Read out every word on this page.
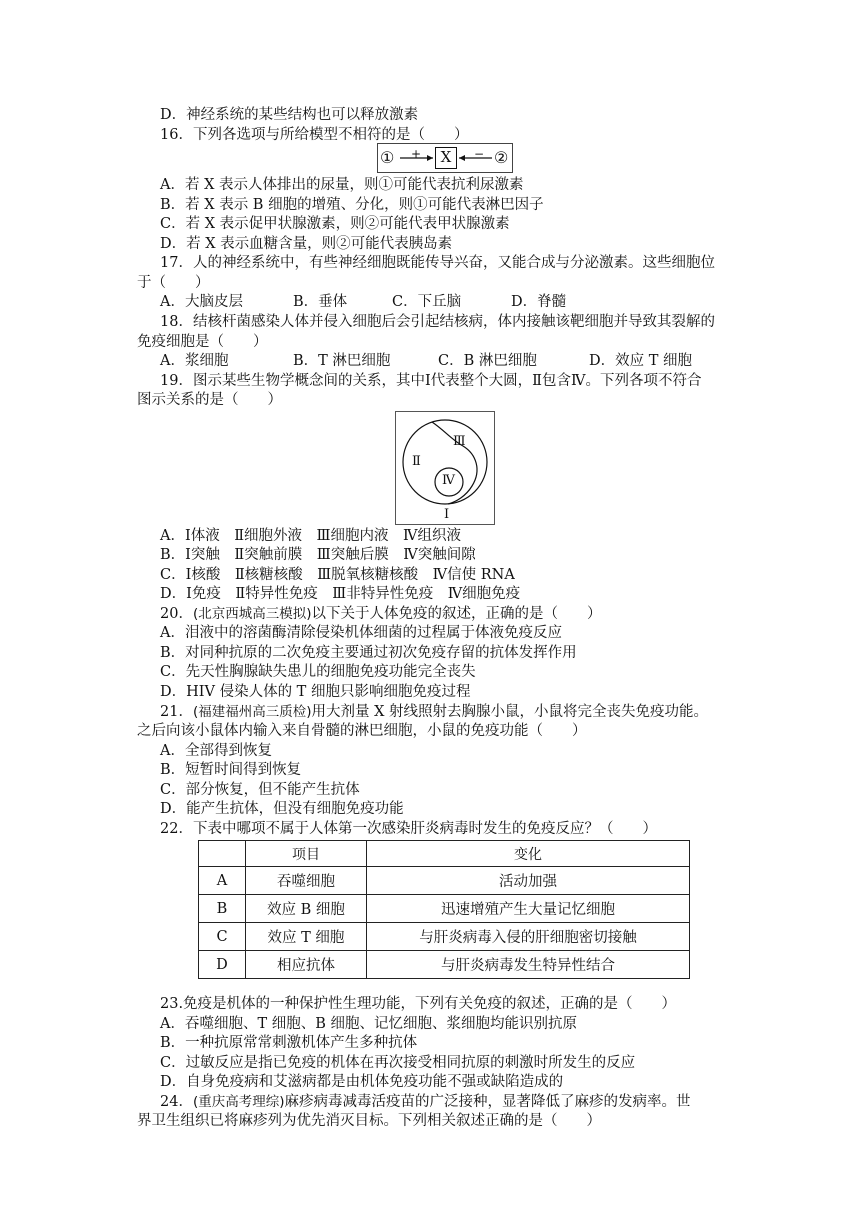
D．神经系统的某些结构也可以释放激素
16．下列各选项与所给模型不相符的是（　　）
① +	X	− ②
A．若 X 表示人体排出的尿量，则①可能代表抗利尿激素
B．若 X 表示 B 细胞的增殖、分化，则①可能代表淋巴因子
C．若 X 表示促甲状腺激素，则②可能代表甲状腺激素
D．若 X 表示血糖含量，则②可能代表胰岛素
17．人的神经系统中，有些神经细胞既能传导兴奋，又能合成与分泌激素。这些细胞位
于（　　）
A．大脑皮层	B．垂体	C．下丘脑	D．脊髓
18．结核杆菌感染人体并侵入细胞后会引起结核病，体内接触该靶细胞并导致其裂解的
免疫细胞是（　　）
A．浆细胞	B．T 淋巴细胞	C．B 淋巴细胞	D．效应 T 细胞
19．图示某些生物学概念间的关系，其中Ⅰ代表整个大圆，Ⅱ包含Ⅳ。下列各项不符合
图示关系的是（　　）
Ⅲ
Ⅱ
Ⅳ
Ⅰ
A．Ⅰ体液　Ⅱ细胞外液　Ⅲ细胞内液　Ⅳ组织液
B．Ⅰ突触　Ⅱ突触前膜　Ⅲ突触后膜　Ⅳ突触间隙
C．Ⅰ核酸　Ⅱ核糖核酸　Ⅲ脱氧核糖核酸　Ⅳ信使 RNA
D．Ⅰ免疫　Ⅱ特异性免疫　Ⅲ非特异性免疫　Ⅳ细胞免疫
20．(北京西城高三模拟)以下关于人体免疫的叙述，正确的是（　　）
A．泪液中的溶菌酶清除侵染机体细菌的过程属于体液免疫反应
B．对同种抗原的二次免疫主要通过初次免疫存留的抗体发挥作用
C．先天性胸腺缺失患儿的细胞免疫功能完全丧失
D．HIV 侵染人体的 T 细胞只影响细胞免疫过程
21．(福建福州高三质检)用大剂量 X 射线照射去胸腺小鼠，小鼠将完全丧失免疫功能。
之后向该小鼠体内输入来自骨髓的淋巴细胞，小鼠的免疫功能（　　）
A．全部得到恢复
B．短暂时间得到恢复
C．部分恢复，但不能产生抗体
D．能产生抗体，但没有细胞免疫功能
22．下表中哪项不属于人体第一次感染肝炎病毒时发生的免疫反应？（　　）
	项目	变化
A	吞噬细胞	活动加强
B	效应 B 细胞	迅速增殖产生大量记忆细胞
C	效应 T 细胞	与肝炎病毒入侵的肝细胞密切接触
D	相应抗体	与肝炎病毒发生特异性结合
23.免疫是机体的一种保护性生理功能，下列有关免疫的叙述，正确的是（　　）
A．吞噬细胞、T 细胞、B 细胞、记忆细胞、浆细胞均能识别抗原
B．一种抗原常常刺激机体产生多种抗体
C．过敏反应是指已免疫的机体在再次接受相同抗原的刺激时所发生的反应
D．自身免疫病和艾滋病都是由机体免疫功能不强或缺陷造成的
24．(重庆高考理综)麻疹病毒减毒活疫苗的广泛接种，显著降低了麻疹的发病率。世
界卫生组织已将麻疹列为优先消灭目标。下列相关叙述正确的是（　　）
